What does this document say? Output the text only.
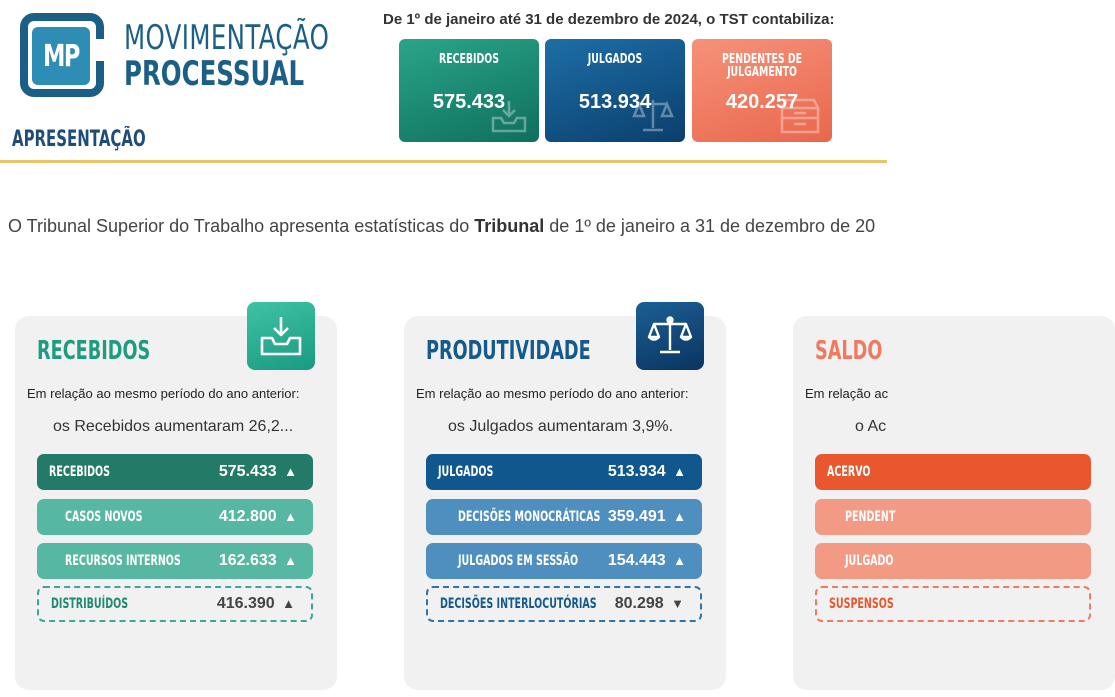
MP MOVIMENTAÇÃO
PROCESSUAL
APRESENTAÇÃO
De 1º de janeiro até 31 de dezembro de 2024, o TST contabiliza:
RECEBIDOS
575.433
JULGADOS
513.934
PENDENTES DE JULGAMENTO
420.257
O Tribunal Superior do Trabalho apresenta estatísticas do Tribunal de 1º de janeiro a 31 de dezembro de 20
RECEBIDOS
Em relação ao mesmo período do ano anterior:
os Recebidos aumentaram 26,2...
RECEBIDOS	575.433 ▲
CASOS NOVOS	412.800 ▲
RECURSOS INTERNOS 162.633 ▲
DISTRIBUÍDOS	416.390 ▲
PRODUTIVIDADE
Em relação ao mesmo período do ano anterior:
os Julgados aumentaram 3,9%.
JULGADOS	513.934 ▲
DECISÕES MONOCRÁTICAS 359.491 ▲
JULGADOS EM SESSÃO 154.443 ▲
DECISÕES INTERLOCUTÓRIAS 80.298 ▼
SALDO
Em relação ac
o Ac
ACERVO
PENDENT
JULGADO
SUSPENSOS
